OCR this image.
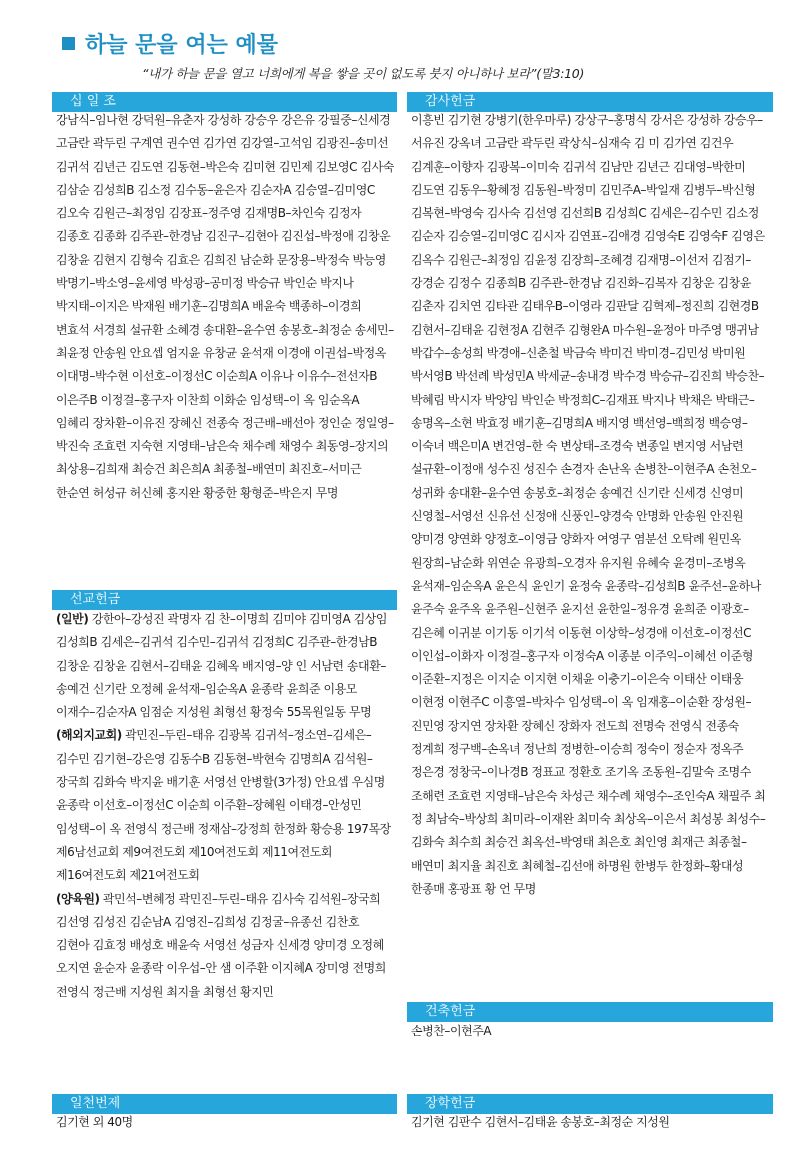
하늘 문을 여는 예물
“내가 하늘 문을 열고 너희에게 복을 쌓을 곳이 없도록 붓지 아니하나 보라”(말3:10)
십 일 조

강남식–임나현 강덕원–유춘자 강성하 강승우 강은유 강필중–신세경 고금란 곽두린 구계연 권수연 김가연 김강열–고석임 김광진–송미선 김귀석 김년근 김도연 김동현–박은숙 김미현 김민제 김보영C 김사숙 김삼순 김성희B 김소정 김수동–윤은자 김순자A 김승열–김미영C 김오숙 김원근–최정임 김장표–정주영 김재명B–차인숙 김정자 김종호 김종화 김주관–한경남 김진구–김현아 김진섭–박정애 김창운 김창윤 김현지 김형숙 김효은 김희진 남순화 문장용–박정숙 박능영 박명기–박소영–윤세영 박성광–공미정 박승규 박인순 박지나 박지태–이지은 박재원 배기훈–김명희A 배윤숙 백종하–이경희 변효석 서경희 설규환 소혜경 송대환–윤수연 송봉호–최정순 송세민–최윤정 안송원 안요셉 엄지윤 유창균 윤석재 이경애 이권섭–박정옥 이대명–박수현 이선호–이정선C 이순희A 이유나 이유수–전선자B 이은주B 이정걸–홍구자 이찬희 이화순 임성택–이 옥 임순옥A 임혜리 장차환–이유진 장혜신 전종숙 정근배–배선아 정인순 정일영–박진숙 조효련 지숙현 지영태–남은숙 채수례 채영수 최동영–장지의 최상용–김희재 최승건 최은희A 최종철–배연미 최진호–서미근 한순연 허성규 허신혜 홍지완 황중한 황형준–박은지 무명

선교헌금
(일반) 강한아–강성진 곽명자 김 찬–이명희 김미야 김미영A 김상임 김성희B 김세은–김귀석 김수민–김귀석 김정희C 김주관–한경남B 김창운 김창윤 김현서–김태윤 김혜옥 배지영–양 인 서남련 송대환–송예건 신기란 오정혜 윤석재–임순옥A 윤종락 윤희준 이용모 이재수–김순자A 임점순 지성원 최형선 황정숙 55목원일동 무명
(해외지교회) 곽민진–두린–태유 김광복 김귀석–정소연–김세은–김수민 김기현–강은영 김동수B 김동현–박현숙 김명희A 김석원–장국희 김화숙 박지윤 배기훈 서영선 안병할(3가정) 안요셉 우심명 윤종락 이선호–이정선C 이순희 이주환–장혜원 이태경–안성민 임성택–이 옥 전영식 정근배 정재삼–강정희 한정화 황승용 197목장 제6남선교회 제9여전도회 제10여전도회 제11여전도회 제16여전도회 제21여전도회
(양육원) 곽민석–변혜정 곽민진–두린–태유 김사숙 김석원–장국희 김선영 김성진 김순남A 김영진–김희성 김정굴–유종선 김찬호 김현아 김효정 배성호 배윤숙 서영선 성금자 신세경 양미경 오정혜 오지연 윤순자 윤종락 이우섭–안 샘 이주환 이지혜A 장미영 전명희 전영식 정근배 지성원 최지율 최형선 황지민
일천번제

김기현 외 40명

감사헌금

이흥빈 김기현 강병기(한우마루) 강상구–홍명식 강서은 강성하 강승우–서유진 강옥녀 고금란 곽두린 곽상식–심재숙 김 미 김가연 김건우 김계훈–이향자 김광복–이미숙 김귀석 김남만 김년근 김대영–박한미 김도연 김동우–황혜정 김동원–박정미 김민주A–박일재 김병두–박신형 김복현–박영숙 김사숙 김선영 김선희B 김성희C 김세은–김수민 김소정 김순자 김승열–김미영C 김시자 김연표–김애경 김영숙E 김영숙F 김영은 김옥수 김원근–최정임 김윤정 김장희–조혜경 김재명–이선저 김점기–강경순 김정수 김종희B 김주관–한경남 김진화–김복자 김창운 김창윤 김춘자 김치연 김타관 김태우B–이영라 김판달 김혁제–정진희 김현경B 김현서–김태윤 김현정A 김현주 김형완A 마수원–윤정아 마주영 맹귀남 박갑수–송성희 박경애–신춘철 박금숙 박미건 박미경–김민성 박미원 박서영B 박선례 박성민A 박세균–송내경 박수경 박승규–김진희 박승찬–박혜림 박시자 박양임 박인순 박정희C–김재표 박지나 박채은 박태근–송명옥–소현 박효정 배기훈–김명희A 배지영 백선영–백희정 백승영–이숙녀 백은미A 변건영–한 숙 변상태–조경숙 변종일 변지영 서남련 설규환–이정애 성수진 성진수 손경자 손난옥 손병찬–이현주A 손천오–성귀화 송대환–윤수연 송봉호–최정순 송예건 신기란 신세경 신영미 신영철–서영선 신유선 신정애 신풍인–양경숙 안명화 안송원 안진원 양미경 양연화 양정호–이영금 양화자 여영구 염분선 오탁례 원민옥 원장희–남순화 위연순 유광희–오경자 유지원 유혜숙 윤경미–조병옥 윤석재–임순옥A 윤은식 윤인기 윤정숙 윤종락–김성희B 윤주선–윤하나 윤주숙 윤주옥 윤주원–신현주 윤지선 윤한일–정유경 윤희준 이광호–김은혜 이귀분 이기동 이기석 이동현 이상학–성경애 이선호–이정선C 이인섭–이화자 이정걸–홍구자 이정숙A 이종분 이주익–이혜선 이준형 이준환–지정은 이지순 이지현 이채윤 이충기–이은숙 이태산 이태웅 이현정 이현주C 이흥열–박차수 임성택–이 옥 임재홍–이순환 장성원–진민영 장지연 장차환 장혜신 장화자 전도희 전명숙 전영식 전종숙 정계희 정구백–손옥녀 정난희 정병한–이승희 정숙이 정순자 정옥주 정은경 정창국–이나경B 정표교 정환호 조기옥 조동원–김말숙 조명수 조해련 조효련 지영태–남은숙 차성근 채수례 채영수–조인숙A 채필주 최 정 최남숙–박상희 최미라–이재완 최미숙 최상옥–이은서 최성봉 최성수–김화숙 최수희 최승건 최옥선–박영태 최은호 최인영 최재근 최종철–배연미 최지율 최진호 최혜철–김선애 하명원 한병두 한정화–황대성 한종매 홍광표 황 언 무명

건축헌금

손병찬–이현주A

장학헌금

김기현 김판수 김현서–김태윤 송봉호–최정순 지성원
